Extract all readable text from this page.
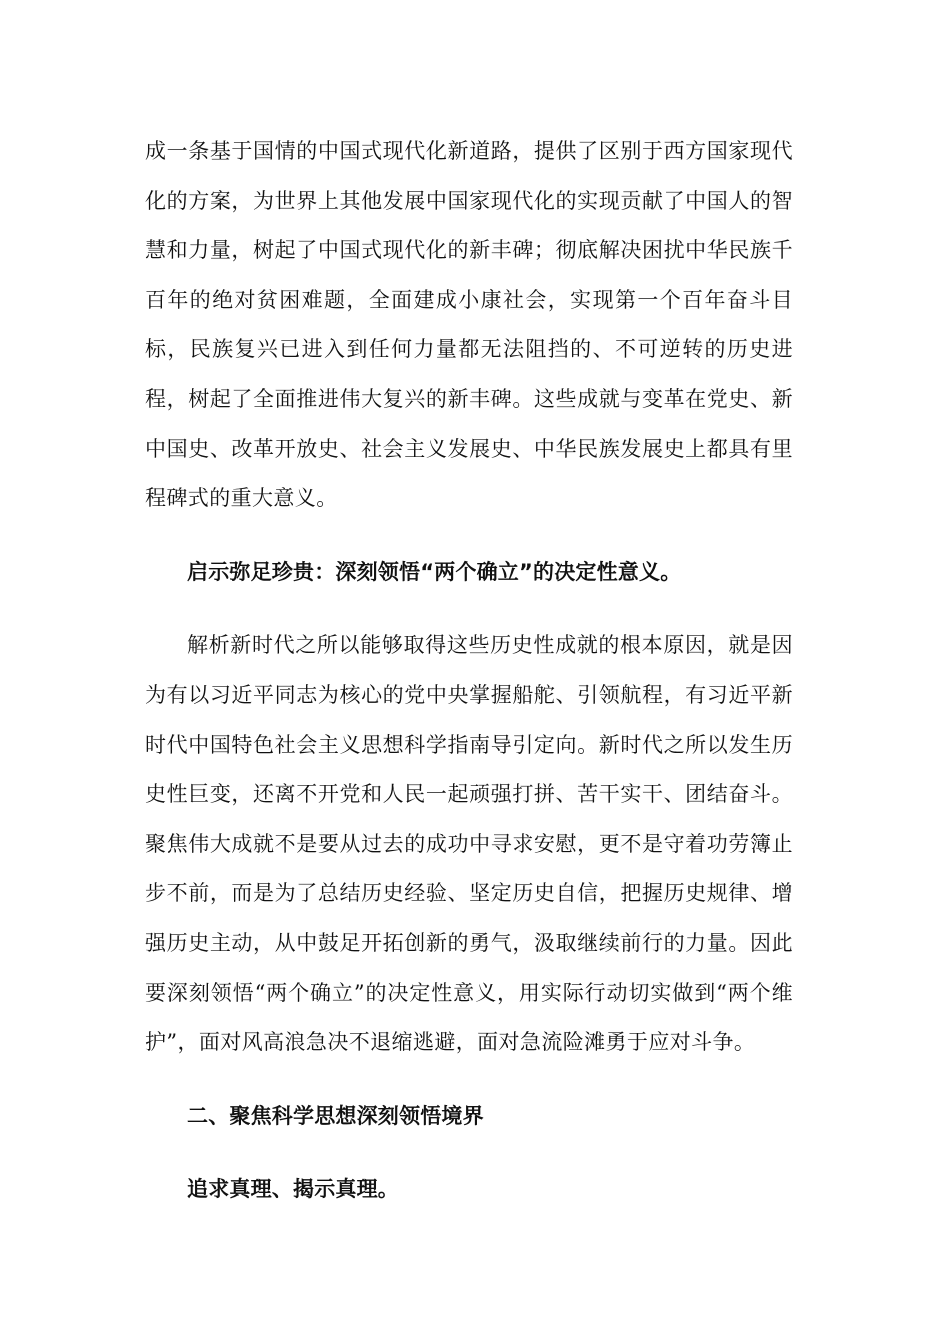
成一条基于国情的中国式现代化新道路，提供了区别于西方国家现代化的方案，为世界上其他发展中国家现代化的实现贡献了中国人的智慧和力量，树起了中国式现代化的新丰碑；彻底解决困扰中华民族千百年的绝对贫困难题，全面建成小康社会，实现第一个百年奋斗目标，民族复兴已进入到任何力量都无法阻挡的、不可逆转的历史进程，树起了全面推进伟大复兴的新丰碑。这些成就与变革在党史、新中国史、改革开放史、社会主义发展史、中华民族发展史上都具有里程碑式的重大意义。

启示弥足珍贵：深刻领悟“两个确立”的决定性意义。

解析新时代之所以能够取得这些历史性成就的根本原因，就是因为有以习近平同志为核心的党中央掌握船舵、引领航程，有习近平新时代中国特色社会主义思想科学指南导引定向。新时代之所以发生历史性巨变，还离不开党和人民一起顽强打拼、苦干实干、团结奋斗。聚焦伟大成就不是要从过去的成功中寻求安慰，更不是守着功劳簿止步不前，而是为了总结历史经验、坚定历史自信，把握历史规律、增强历史主动，从中鼓足开拓创新的勇气，汲取继续前行的力量。因此要深刻领悟“两个确立”的决定性意义，用实际行动切实做到“两个维护”，面对风高浪急决不退缩逃避，面对急流险滩勇于应对斗争。

二、聚焦科学思想深刻领悟境界

追求真理、揭示真理。
